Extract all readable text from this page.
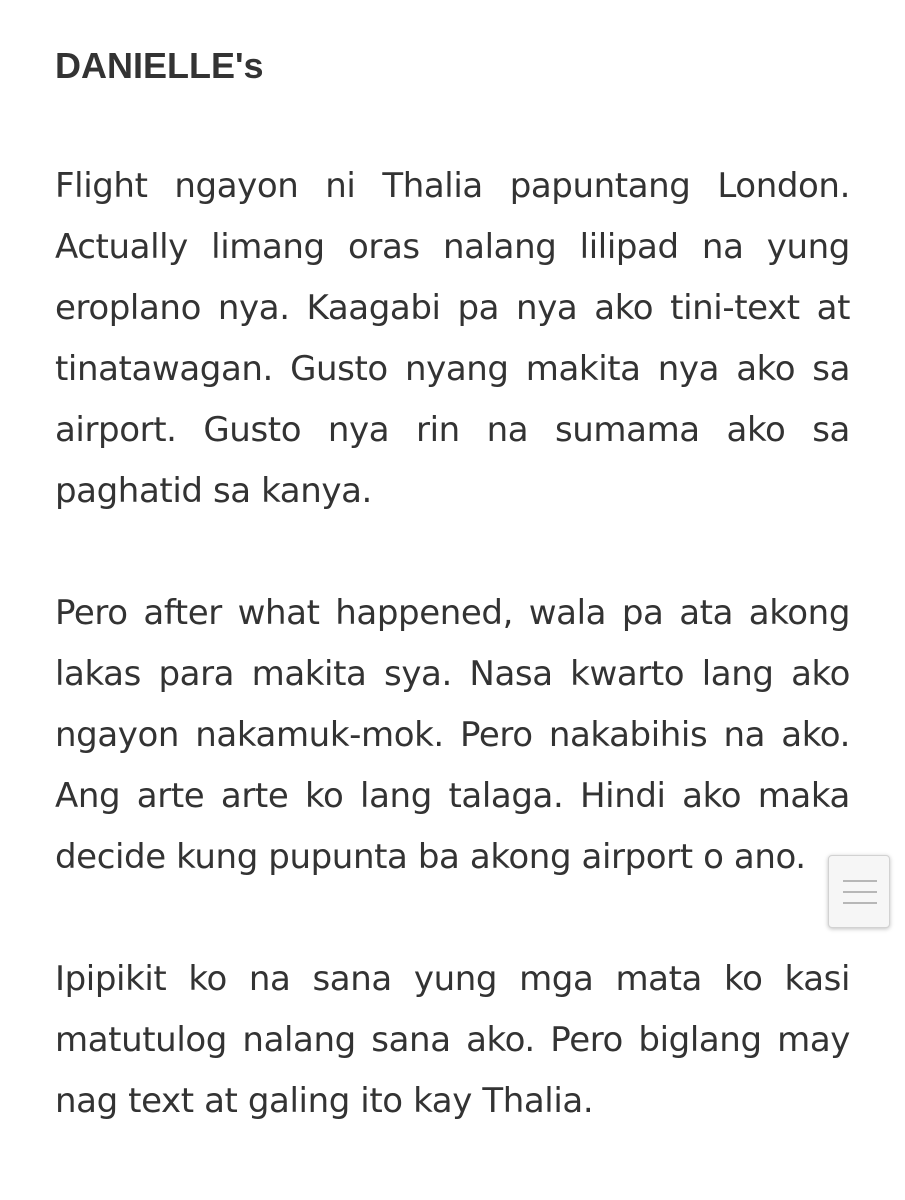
DANIELLE's

Flight ngayon ni Thalia papuntang London. Actually limang oras nalang lilipad na yung eroplano nya. Kaagabi pa nya ako tini-text at tinatawagan. Gusto nyang makita nya ako sa airport. Gusto nya rin na sumama ako sa paghatid sa kanya.

Pero after what happened, wala pa ata akong lakas para makita sya. Nasa kwarto lang ako ngayon nakamuk-mok. Pero nakabihis na ako. Ang arte arte ko lang talaga. Hindi ako maka decide kung pupunta ba akong airport o ano.

Ipipikit ko na sana yung mga mata ko kasi matutulog nalang sana ako. Pero biglang may nag text at galing ito kay Thalia.
